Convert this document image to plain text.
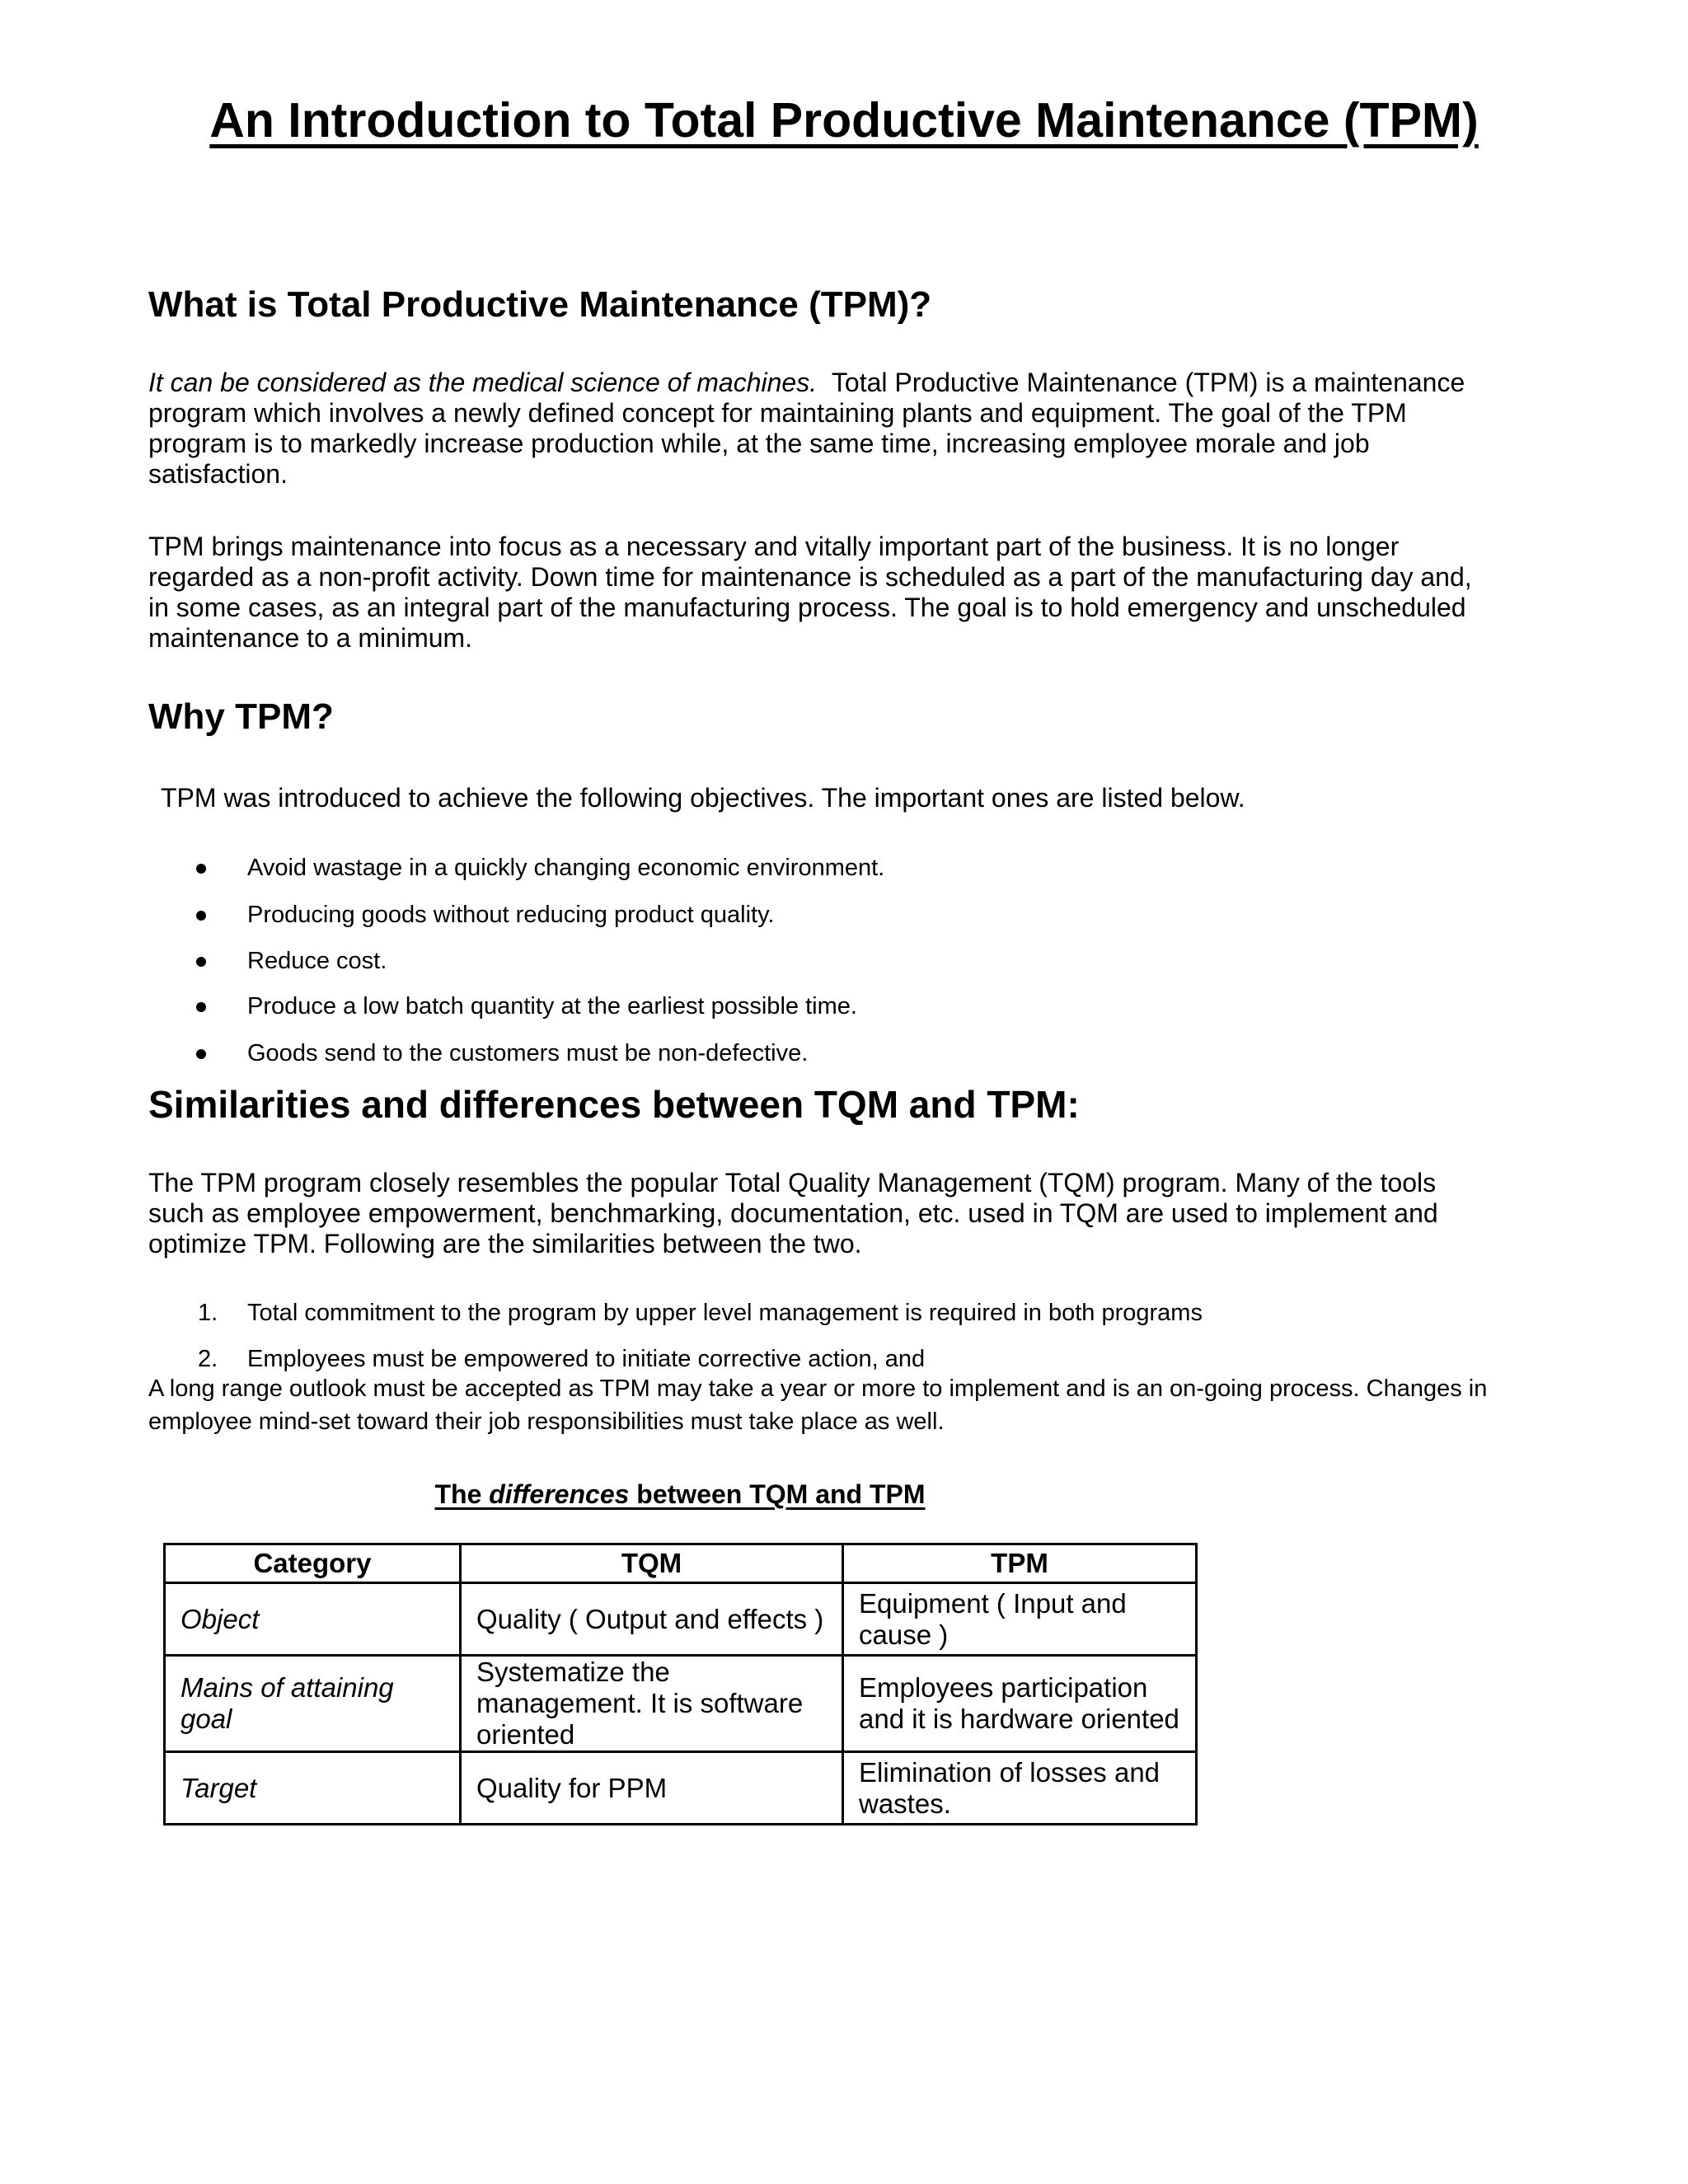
An Introduction to Total Productive Maintenance (TPM)
What is Total Productive Maintenance (TPM)?
It can be considered as the medical science of machines. Total Productive Maintenance (TPM) is a maintenance
program which involves a newly defined concept for maintaining plants and equipment. The goal of the TPM
program is to markedly increase production while, at the same time, increasing employee morale and job
satisfaction.
TPM brings maintenance into focus as a necessary and vitally important part of the business. It is no longer
regarded as a non-profit activity. Down time for maintenance is scheduled as a part of the manufacturing day and,
in some cases, as an integral part of the manufacturing process. The goal is to hold emergency and unscheduled
maintenance to a minimum.
Why TPM?
TPM was introduced to achieve the following objectives. The important ones are listed below.
Avoid wastage in a quickly changing economic environment.
Producing goods without reducing product quality.
Reduce cost.
Produce a low batch quantity at the earliest possible time.
Goods send to the customers must be non-defective.
Similarities and differences between TQM and TPM:
The TPM program closely resembles the popular Total Quality Management (TQM) program. Many of the tools
such as employee empowerment, benchmarking, documentation, etc. used in TQM are used to implement and
optimize TPM. Following are the similarities between the two.
1. Total commitment to the program by upper level management is required in both programs
2. Employees must be empowered to initiate corrective action, and
A long range outlook must be accepted as TPM may take a year or more to implement and is an on-going process. Changes in
employee mind-set toward their job responsibilities must take place as well.

The differences between TQM and TPM

Category	TQM	TPM
Object	Quality ( Output and effects )	Equipment ( Input and cause )
Mains of attaining goal	Systematize the management. It is software oriented	Employees participation and it is hardware oriented
Target	Quality for PPM	Elimination of losses and wastes.
